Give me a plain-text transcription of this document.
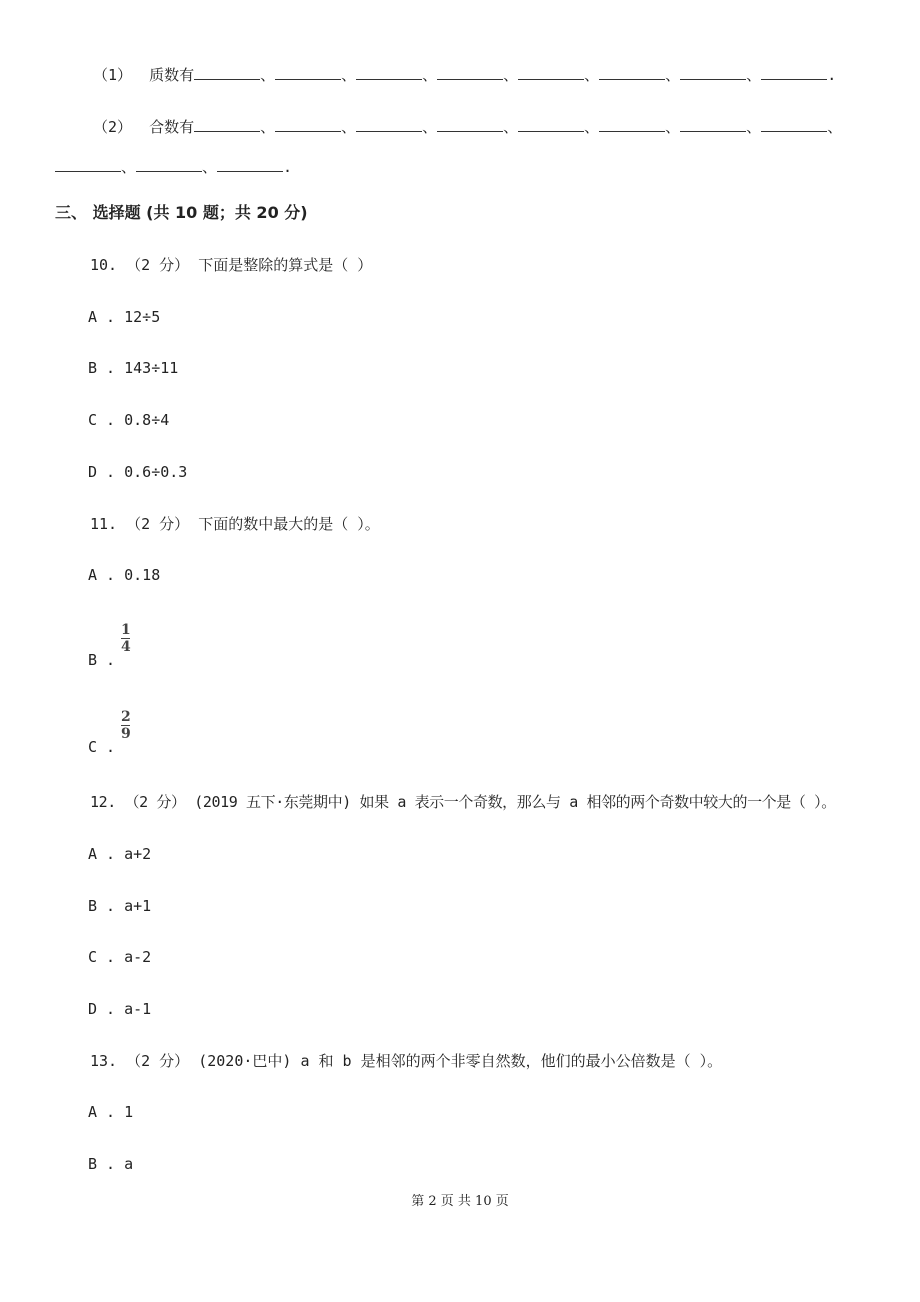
（1） 质数有	、	、	、	、	、	、	、	.
（2） 合数有	、	、	、	、	、	、	、	、
、	、	.
三、 选择题 (共 10 题；共 20 分)
10. （2 分） 下面是整除的算式是（ ）
A . 12÷5
B . 143÷11
C . 0.8÷4
D . 0.6÷0.3
11. （2 分） 下面的数中最大的是（ ）。
A . 0.18
B .
1
4
C .
2
9
12. （2 分） (2019 五下·东莞期中) 如果 a 表示一个奇数，那么与 a 相邻的两个奇数中较大的一个是（ ）。
A . a+2
B . a+1
C . a-2
D . a-1
13. （2 分） (2020·巴中) a 和 b 是相邻的两个非零自然数，他们的最小公倍数是（ ）。
A . 1
B . a
第 2 页 共 10 页
